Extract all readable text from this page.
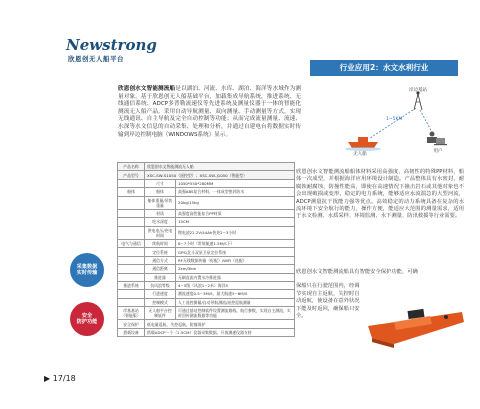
Newstrong
欣恩创无人船平台
欣恩创水文智能测流船是以湖泊、河流、水库、湖泊、海洋等水域作为测量对象，基于欣恩创无人船基础平台，加载集成导航系统，推进系统、无线通信系统、ADCP多普勒流速仪等先进系统及测量仪器于一体的智能化测流无人船产品。采用自动导航测量、双向测量、手动测量等方式，实现无线通讯、自主导航及完全自动控制等功能；从而完成流量测量、流速、水深等水文信息的自动采集、处理和分析，并通过自建电台将数据实时传输到岸边控制电脑（WINDOWS系统）显示。
行业应用2：水文水利行业
岸边基站
1~5KM
无人船
用户
产品名称	欣恩创水文智能测流无人船	
产品型号	XSC-SW-S1050（遥控型）；XSC-SW-J1050（智能型）	
	尺寸	1050*550*280MM
船体	船体	高强ABS复合材料，一体成型密封防水
	船体重量/吊装重量	20kg/15kg
	材质	高强度高性能复合PP材质
	吃水深度	15CM
	供电电压/充电时间	锂电池22.2V/44Ah快充2~3小时
电气与通信	续航时间	6~7小时（常规航速1.5M/S下）
	定位系统	GPS/北斗双星卫星定位系统
	通信方式	RF无线数据传输（标配）/WiFi（选配）
	通信距离	2km/5km
	推进器	无刷直流内置水冷推进器
推进系统	抗风浪等级	4~5级（风浪1~2米）海洋5
	行进速度	测流速度0.5~3M/S，最大航速5~6M/S
	控制模式	人工遥控测量/自动导航测流/遥控巡航测量
岸基基站（智能版）	无人船平台控制软件	可通过基站控制软件设置测流路线、航行参数，实现自主测流，实时回传测流数据等功能
安全保护	低电量返航，失控返航，防撞保护	
搭载设备	搭载ADCP一个（1.5CM）仪器采集数据，开放测速仪器支持	
欣恩创水文智能测流船船体材料采用高强度、高韧性的特殊PP材料，船体一次成型，并根据海洋应用环境设计制造。产品整体具有水密封、耐腐蚀耐腐蚀、防撞性能高，即使在高速情况下撞击岩石或其他对象也不会出现破损或变形，稳定的电力系统，能够适应水流湍急的大型河流，ADCP测量抗干扰能力强等优点。高效稳定的动力系统具备在复杂的水流环境下安全航行的能力，操作方便，能适应大范围的测量需求，适用于水文检测、水质采样、环境监测、水下测量、防汛救援等行业需要。
欣恩创水文智能测流船具有智能安全保护功能，可确
保船只在行驶范围内，经调节实现自主返航，失控时自动返航，使设备在意外状况下能及时返回，确保船只安全。
采集数据
实时传输
安全
防护功能
▶ 17/18
